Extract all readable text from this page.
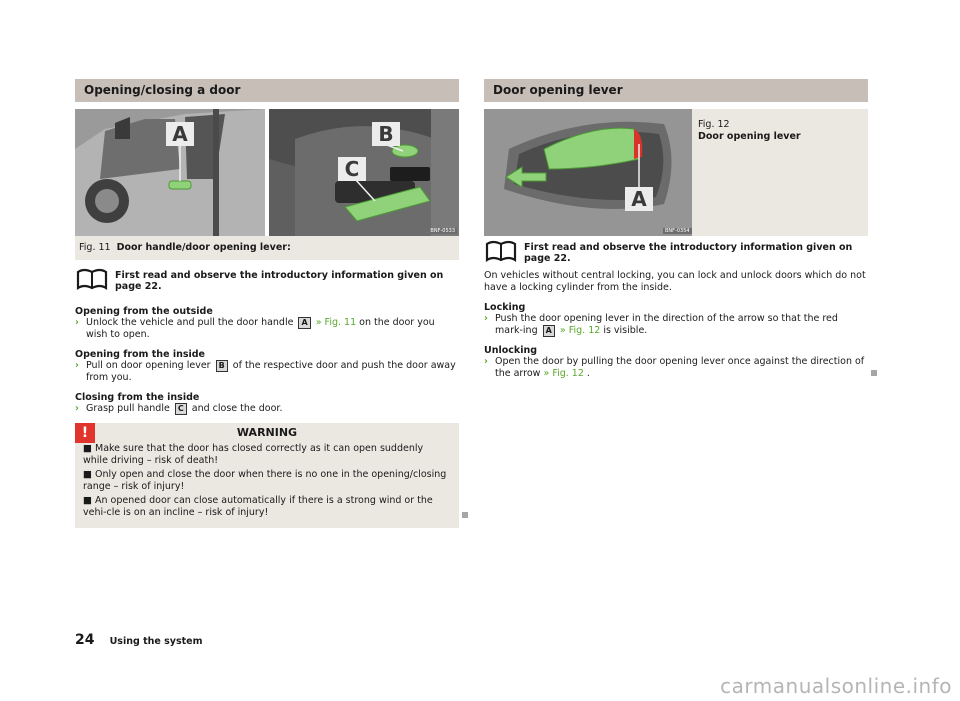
Opening/closing a door
A	B
C
BNF-0533
Fig. 11 Door handle/door opening lever:
First read and observe the introductory information given on page 22.
Opening from the outside
› Unlock the vehicle and pull the door handle A » Fig. 11 on the door you wish to open.
Opening from the inside
› Pull on door opening lever B of the respective door and push the door away from you.
Closing from the inside
› Grasp pull handle C and close the door.
!	WARNING

■ Make sure that the door has closed correctly as it can open suddenly while driving – risk of death!

■ Only open and close the door when there is no one in the opening/closing range – risk of injury!

■ An opened door can close automatically if there is a strong wind or the vehi-cle is on an incline – risk of injury!

Door opening lever
A
BNF-0354
Fig. 12
Door opening lever
First read and observe the introductory information given on page 22.
On vehicles without central locking, you can lock and unlock doors which do not have a locking cylinder from the inside.
Locking
› Push the door opening lever in the direction of the arrow so that the red mark-ing A » Fig. 12 is visible.
Unlocking
› Open the door by pulling the door opening lever once against the direction of the arrow » Fig. 12 .
24 Using the system
carmanualsonline.info
